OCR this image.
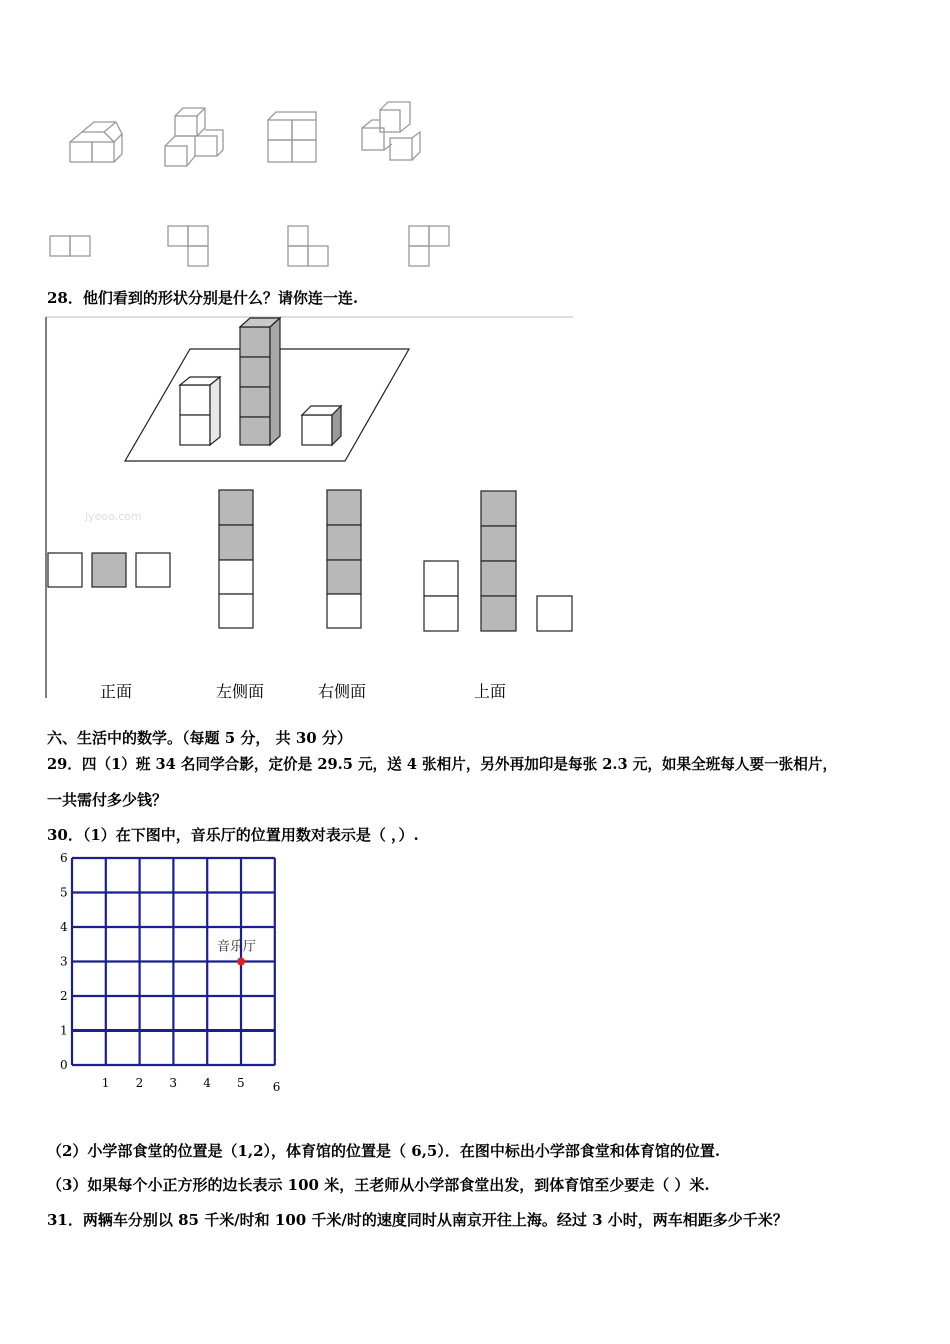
28．他们看到的形状分别是什么？请你连一连.
jyeoo.com
正面	左侧面	右侧面	上面
六、生活中的数学。（每题 5 分， 共 30 分）
29．四（1）班 34 名同学合影，定价是 29.5 元，送 4 张相片，另外再加印是每张 2.3 元，如果全班每人要一张相片，
一共需付多少钱？
30．（1）在下图中，音乐厅的位置用数对表示是（ ，）.
1 2 3 4 5 6
0
1
2
3
4
5
6
音乐厅
（2）小学部食堂的位置是（1,2），体育馆的位置是（ 6,5）．在图中标出小学部食堂和体育馆的位置.
（3）如果每个小正方形的边长表示 100 米，王老师从小学部食堂出发，到体育馆至少要走（ ）米.
31．两辆车分别以 85 千米/时和 100 千米/时的速度同时从南京开往上海。经过 3 小时，两车相距多少千米？
